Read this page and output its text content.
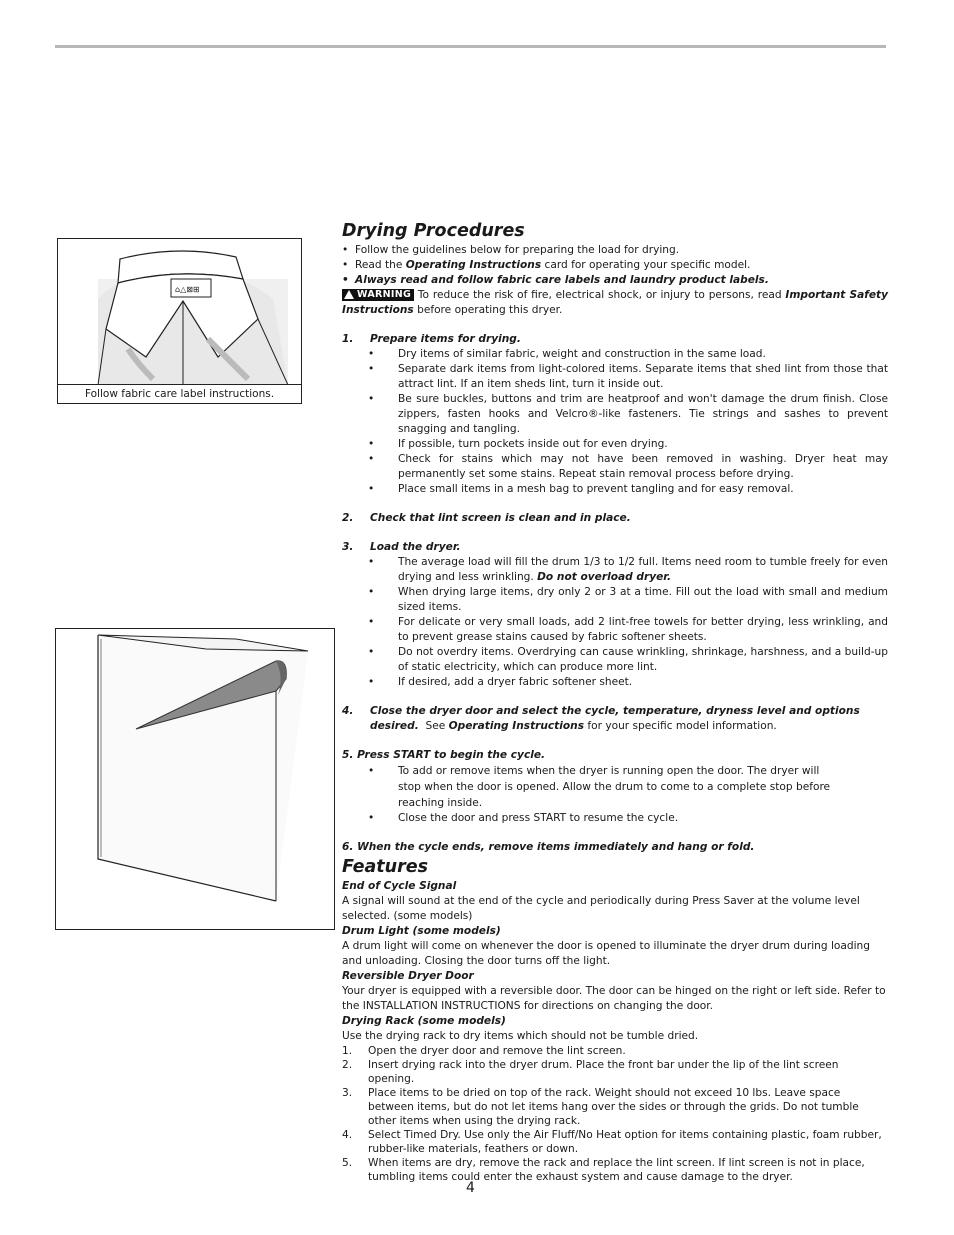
⌂△⊠⊞
Follow fabric care label instructions.
Drying Procedures
• Follow the guidelines below for preparing the load for drying.
• Read the Operating Instructions card for operating your specific model.
• Always read and follow fabric care labels and laundry product labels.

WARNING To reduce the risk of fire, electrical shock, or injury to persons, read Important Safety Instructions before operating this dryer.

1. Prepare items for drying.
•	Dry items of similar fabric, weight and construction in the same load.
•	Separate dark items from light-colored items. Separate items that shed lint from those that attract lint. If an item sheds lint, turn it inside out.
•	Be sure buckles, buttons and trim are heatproof and won't damage the drum finish. Close zippers, fasten hooks and Velcro®-like fasteners. Tie strings and sashes to prevent snagging and tangling.
•	If possible, turn pockets inside out for even drying.
•	Check for stains which may not have been removed in washing. Dryer heat may permanently set some stains. Repeat stain removal process before drying.
•	Place small items in a mesh bag to prevent tangling and for easy removal.
2. Check that lint screen is clean and in place.
3. Load the dryer.
•	The average load will fill the drum 1/3 to 1/2 full. Items need room to tumble freely for even drying and less wrinkling. Do not overload dryer.
•	When drying large items, dry only 2 or 3 at a time. Fill out the load with small and medium sized items.
•	For delicate or very small loads, add 2 lint-free towels for better drying, less wrinkling, and to prevent grease stains caused by fabric softener sheets.
•	Do not overdry items. Overdrying can cause wrinkling, shrinkage, harshness, and a build-up of static electricity, which can produce more lint.
•	If desired, add a dryer fabric softener sheet.
4.	Close the dryer door and select the cycle, temperature, dryness level and options desired. See Operating Instructions for your specific model information.
5. Press START to begin the cycle.
•	To add or remove items when the dryer is running open the door. The dryer will stop when the door is opened. Allow the drum to come to a complete stop before reaching inside.
•	Close the door and press START to resume the cycle.
6. When the cycle ends, remove items immediately and hang or fold.
Features
End of Cycle Signal

A signal will sound at the end of the cycle and periodically during Press Saver at the volume level selected. (some models)

Drum Light (some models)

A drum light will come on whenever the door is opened to illuminate the dryer drum during loading and unloading. Closing the door turns off the light.

Reversible Dryer Door

Your dryer is equipped with a reversible door. The door can be hinged on the right or left side. Refer to the INSTALLATION INSTRUCTIONS for directions on changing the door.

Drying Rack (some models)

Use the drying rack to dry items which should not be tumble dried.

1.	Open the dryer door and remove the lint screen.
2.	Insert drying rack into the dryer drum. Place the front bar under the lip of the lint screen opening.
3.	Place items to be dried on top of the rack. Weight should not exceed 10 lbs. Leave space between items, but do not let items hang over the sides or through the grids. Do not tumble other items when using the drying rack.
4.	Select Timed Dry. Use only the Air Fluff/No Heat option for items containing plastic, foam rubber, rubber-like materials, feathers or down.
5.	When items are dry, remove the rack and replace the lint screen. If lint screen is not in place, tumbling items could enter the exhaust system and cause damage to the dryer.
4
